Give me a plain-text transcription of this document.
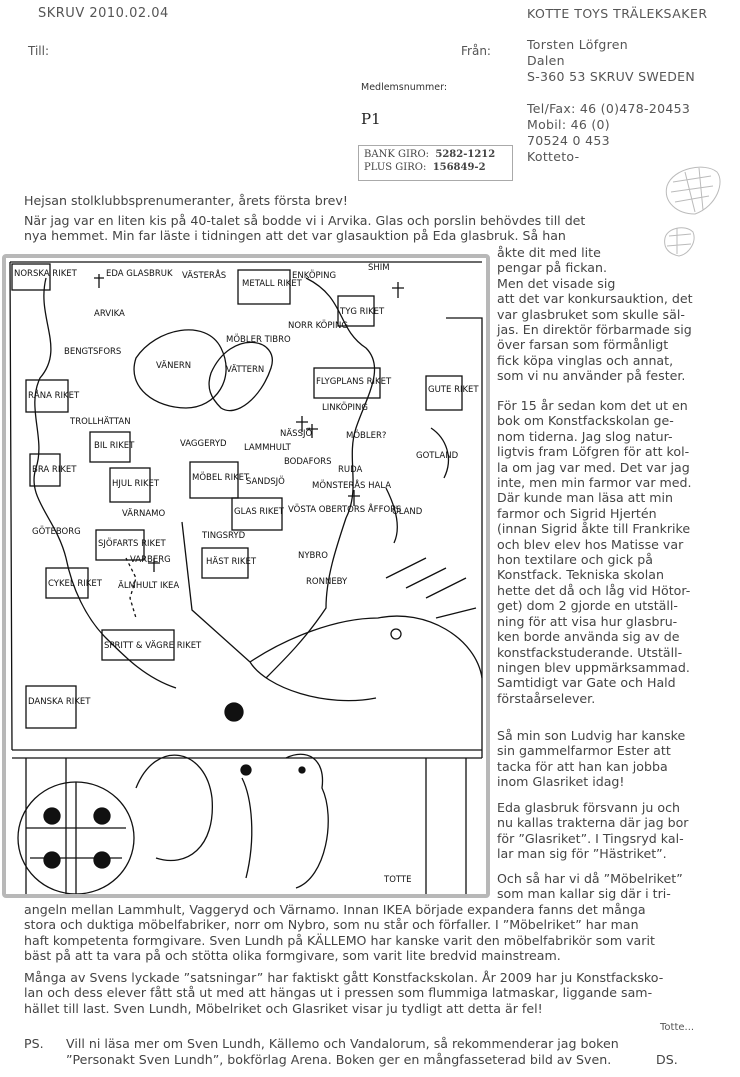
SKRUV 2010.02.04	KOTTE TOYS TRÄLEKSAKER
Till:	Från:
Medlemsnummer:
P1
BANK GIRO: 5282-1212
PLUS GIRO: 156849-2
Torsten Löfgren
Dalen
S-360 53 SKRUV SWEDEN
Tel/Fax: 46 (0)478-20453
Mobil: 46 (0)
70524 0 453
Kotteto-
Hejsan stolklubbsprenumeranter, årets första brev!

När jag var en liten kis på 40-talet så bodde vi i Arvika. Glas och porslin behövdes till det

nya hemmet. Min far läste i tidningen att det var glasauktion på Eda glasbruk. Så han

åkte dit med lite

pengar på fickan.

Men det visade sig

att det var konkursauktion, det

var glasbruket som skulle säl-

jas. En direktör förbarmade sig

över farsan som förmånligt

fick köpa vinglas och annat,

som vi nu använder på fester.

För 15 år sedan kom det ut en

bok om Konstfackskolan ge-

nom tiderna. Jag slog natur-

ligtvis fram Löfgren för att kol-

la om jag var med. Det var jag

inte, men min farmor var med.

Där kunde man läsa att min

farmor och Sigrid Hjertén

(innan Sigrid åkte till Frankrike

och blev elev hos Matisse var

hon textilare och gick på

Konstfack. Tekniska skolan

hette det då och låg vid Hötor-

get) dom 2 gjorde en utställ-

ning för att visa hur glasbru-

ken borde använda sig av de

konstfackstuderande. Utställ-

ningen blev uppmärksammad.

Samtidigt var Gate och Hald

förstaårselever.

Så min son Ludvig har kanske

sin gammelfarmor Ester att

tacka för att han kan jobba

inom Glasriket idag!

Eda glasbruk försvann ju och

nu kallas trakterna där jag bor

för ”Glasriket”. I Tingsryd kal-

lar man sig för ”Hästriket”.

Och så har vi då ”Möbelriket”

som man kallar sig där i tri-

angeln mellan Lammhult, Vaggeryd och Värnamo. Innan IKEA började expandera fanns det många

stora och duktiga möbelfabriker, norr om Nybro, som nu står och förfaller. I ”Möbelriket” har man

haft kompetenta formgivare. Sven Lundh på KÄLLEMO har kanske varit den möbelfabrikör som varit

bäst på att ta vara på och stötta olika formgivare, som varit lite bredvid mainstream.

Många av Svens lyckade ”satsningar” har faktiskt gått Konstfackskolan. År 2009 har ju Konstfacksko-

lan och dess elever fått stå ut med att hängas ut i pressen som flummiga latmaskar, liggande sam-

hället till last. Sven Lundh, Möbelriket och Glasriket visar ju tydligt att detta är fel!

Totte...
PS. Vill ni läsa mer om Sven Lundh, Källemo och Vandalorum, så rekommenderar jag boken
”Personakt Sven Lundh”, bokförlag Arena. Boken ger en mångfasseterad bild av Sven.	DS.
NORSKA RIKET	EDA GLASBRUK
ARVIKA
VÄSTERÅS
METALL RIKET
ENKÖPING
SHIM
TYG RIKET
MÖBLER TIBRO
NORR KÖPING
BENGTSFORS
VÄNERN	VÄTTERN
FLYGPLANS RIKET
LINKÖPING
GUTE RIKET
RÅNA RIKET
TROLLHÄTTAN
BIL RIKET
BRA RIKET
VAGGERYD LAMMHULT
NÄSSJÖ	MÖBLER?
GOTLAND
HJUL RIKET
MÖBEL RIKET
BODAFORS
RUDA
MÖNSTERÅS HALA
SANDSJÖ
GÖTEBORG
VÄRNAMO	GLAS RIKET VÖSTA OBERTORS ÅFFORS
ÖLAND
SJÖFARTS RIKET
VARBERG
TINGSRYD
HÄST RIKET
NYBRO
CYKEL RIKET ÄLMHULT IKEA	RONNEBY
SPRITT & VÄGRE RIKET
DANSKA RIKET
TOTTE
